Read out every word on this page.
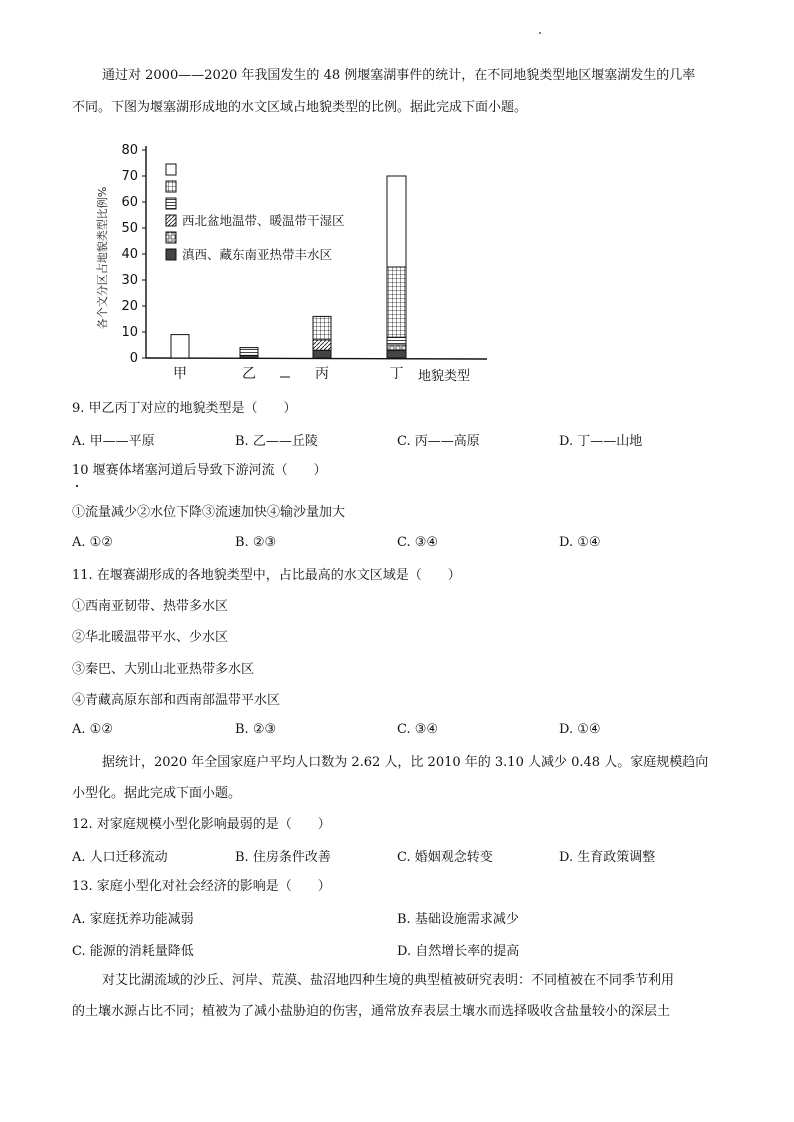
通过对 2000——2020 年我国发生的 48 例堰塞湖事件的统计，在不同地貌类型地区堰塞湖发生的几率
不同。下图为堰塞湖形成地的水文区域占地貌类型的比例。据此完成下面小题。
各个文分区占地貌类型比例%
0
10
20
30
40
50
60
70
80
西北盆地温带、暖温带干湿区
滇西、藏东南亚热带丰水区
甲	乙	丙	丁 地貌类型
9. 甲乙丙丁对应的地貌类型是（　　）
A. 甲——平原	B. 乙——丘陵	C. 丙——高原	D. 丁——山地
10 堰赛体堵塞河道后导致下游河流（　　）
①流量减少②水位下降③流速加快④输沙量加大
A. ①②	B. ②③	C. ③④	D. ①④
11. 在堰赛湖形成的各地貌类型中，占比最高的水文区域是（　　）
①西南亚韧带、热带多水区
②华北暖温带平水、少水区
③秦巴、大别山北亚热带多水区
④青藏高原东部和西南部温带平水区
A. ①②	B. ②③	C. ③④	D. ①④
据统计，2020 年全国家庭户平均人口数为 2.62 人，比 2010 年的 3.10 人减少 0.48 人。家庭规模趋向
小型化。据此完成下面小题。
12. 对家庭规模小型化影响最弱的是（　　）
A. 人口迁移流动	B. 住房条件改善	C. 婚姻观念转变	D. 生育政策调整
13. 家庭小型化对社会经济的影响是（　　）
A. 家庭抚养功能减弱	B. 基础设施需求减少
C. 能源的消耗量降低	D. 自然增长率的提高
对艾比湖流域的沙丘、河岸、荒漠、盐沼地四种生境的典型植被研究表明：不同植被在不同季节利用
的土壤水源占比不同；植被为了减小盐胁迫的伤害，通常放弃表层土壤水而选择吸收含盐量较小的深层土
